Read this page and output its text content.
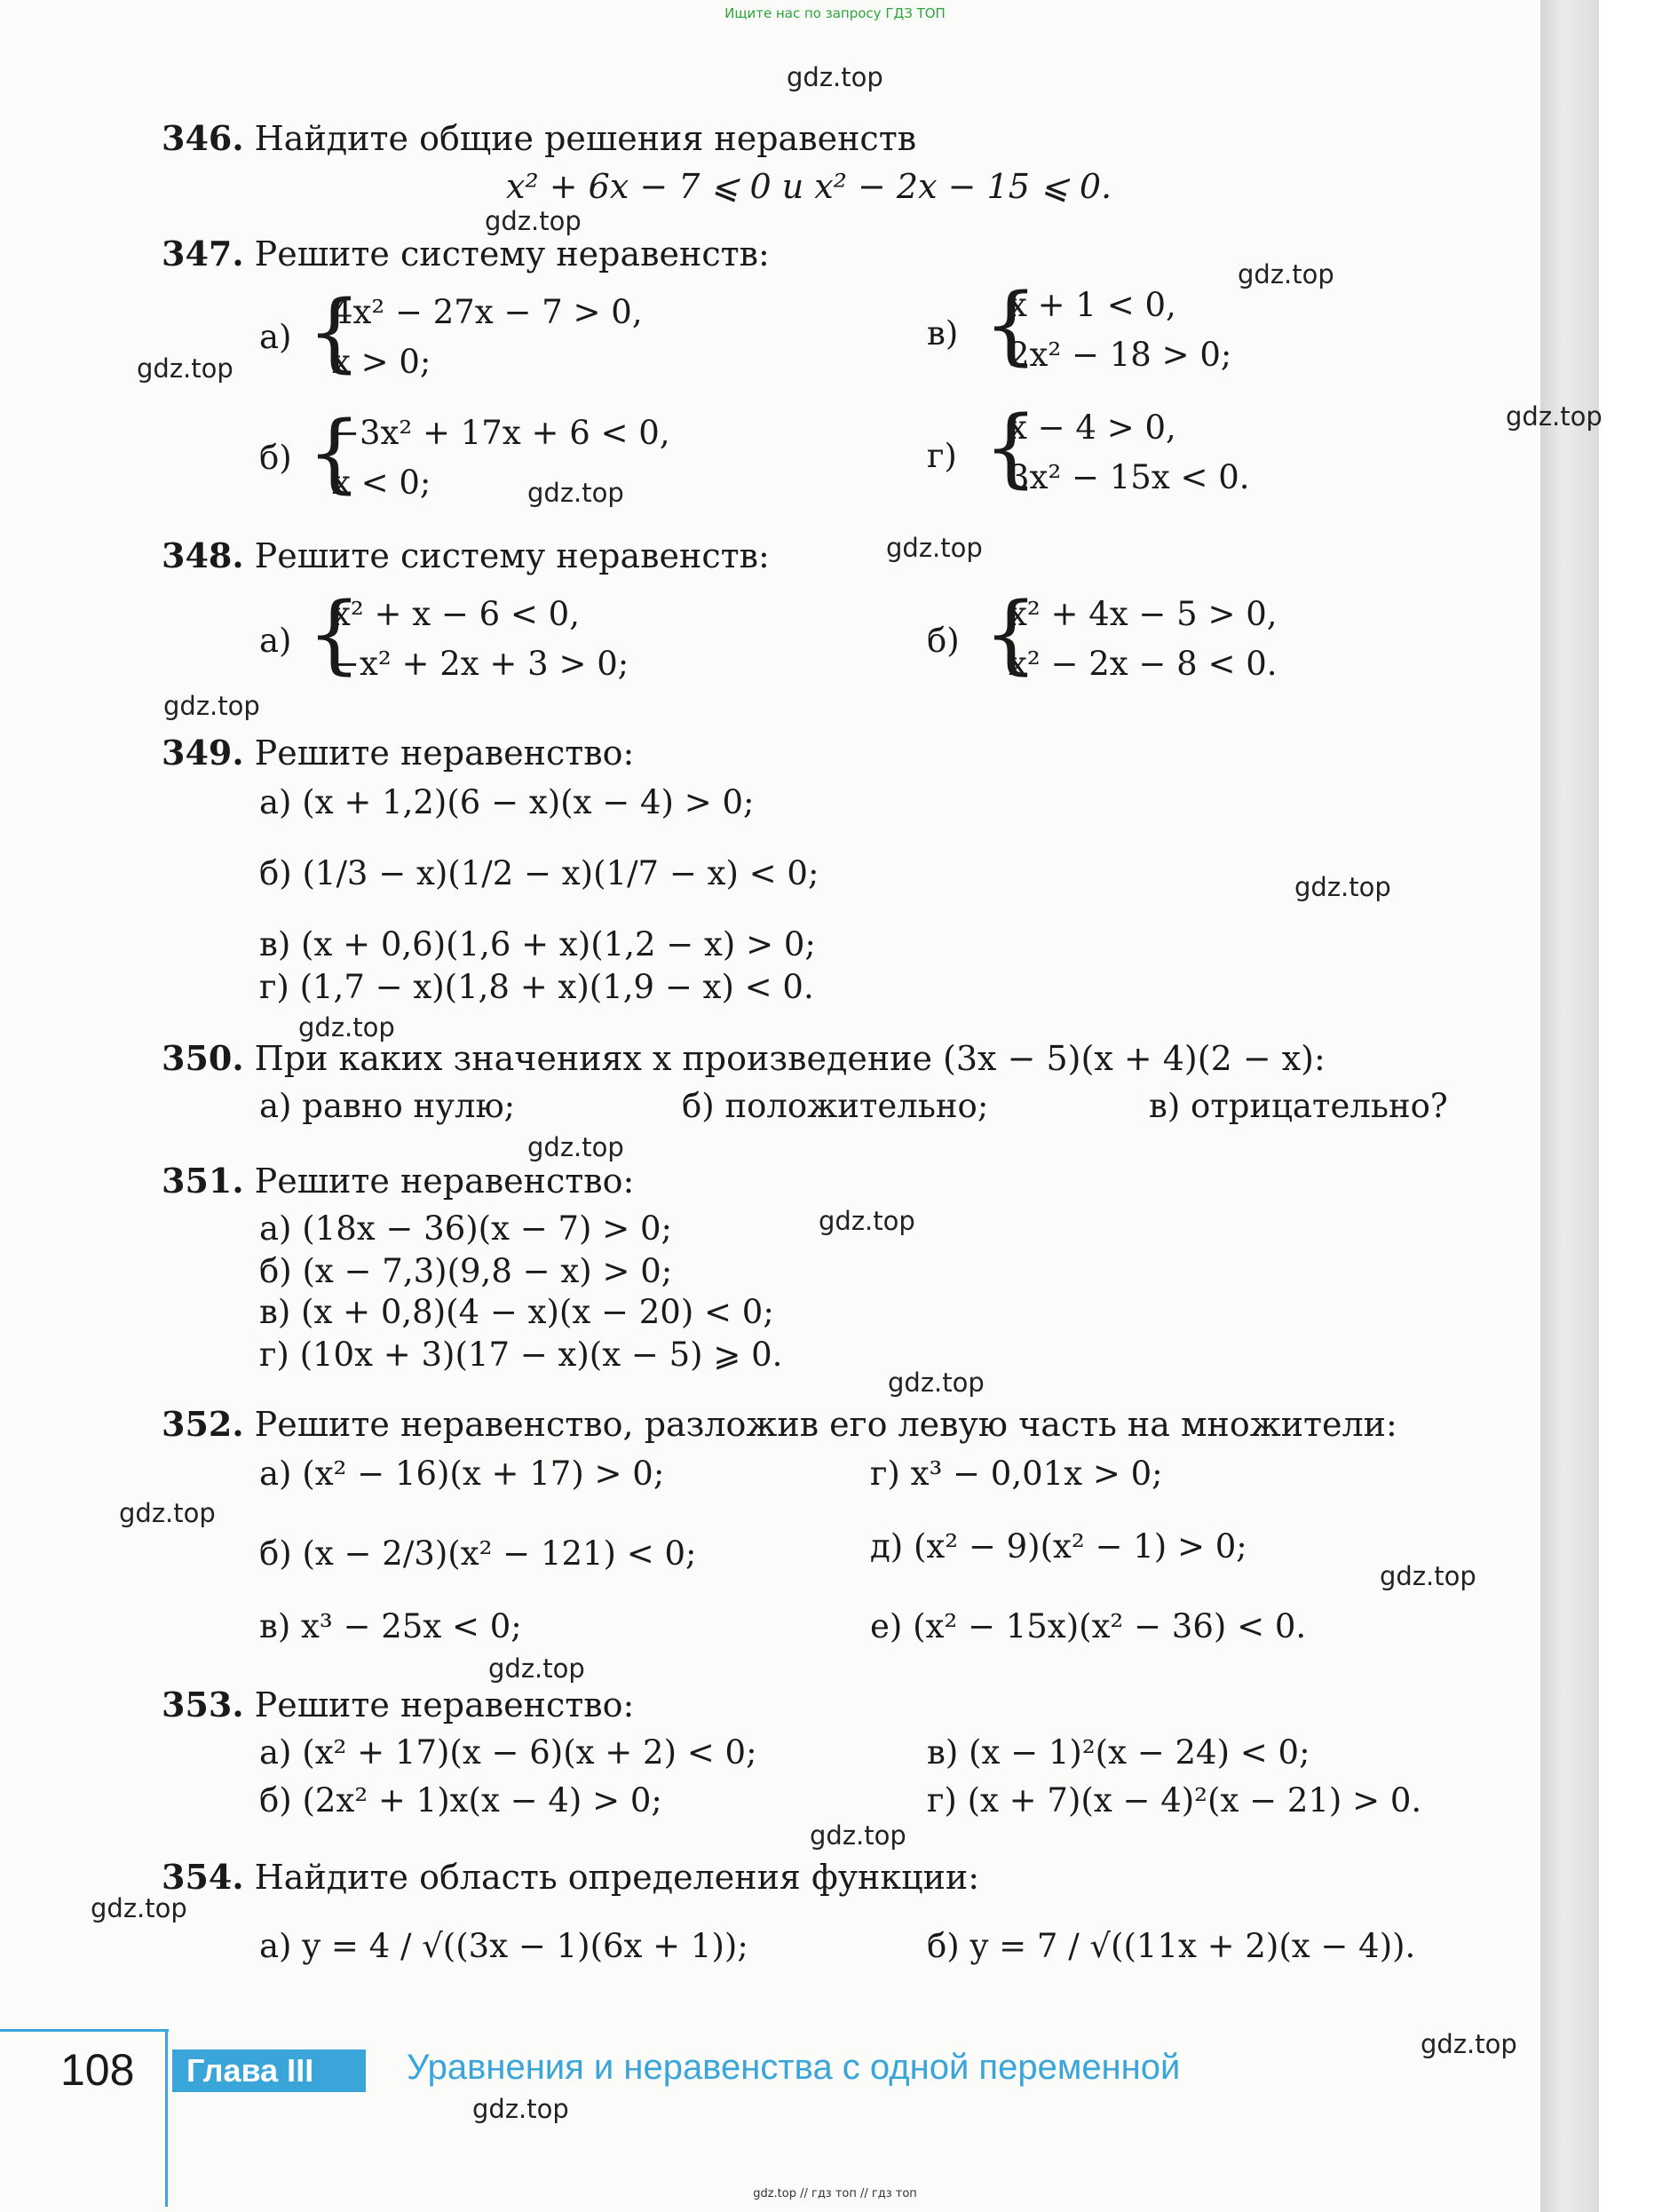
Ищите нас по запросу ГДЗ ТОП
gdz.top
gdz.top
gdz.top
gdz.top
gdz.top
gdz.top
gdz.top
gdz.top
gdz.top
gdz.top
gdz.top
gdz.top
gdz.top
gdz.top
gdz.top
gdz.top
gdz.top
gdz.top
gdz.top
gdz.top
346. Найдите общие решения неравенств
x² + 6x − 7 ⩽ 0 и x² − 2x − 15 ⩽ 0.
347. Решите систему неравенств:
а) {
4x² − 27x − 7 > 0,
x > 0;
в) {
x + 1 < 0,
2x² − 18 > 0;
б) {
−3x² + 17x + 6 < 0,
x < 0;
г) {
x − 4 > 0,
3x² − 15x < 0.
348. Решите систему неравенств:
а) {
x² + x − 6 < 0,
−x² + 2x + 3 > 0;
б) {
x² + 4x − 5 > 0,
x² − 2x − 8 < 0.
349. Решите неравенство:
а) (x + 1,2)(6 − x)(x − 4) > 0;
б) (1/3 − x)(1/2 − x)(1/7 − x) < 0;
в) (x + 0,6)(1,6 + x)(1,2 − x) > 0;
г) (1,7 − x)(1,8 + x)(1,9 − x) < 0.
350. При каких значениях x произведение (3x − 5)(x + 4)(2 − x):
а) равно нулю;	б) положительно;	в) отрицательно?
351. Решите неравенство:
а) (18x − 36)(x − 7) > 0;
б) (x − 7,3)(9,8 − x) > 0;
в) (x + 0,8)(4 − x)(x − 20) < 0;
г) (10x + 3)(17 − x)(x − 5) ⩾ 0.
352. Решите неравенство, разложив его левую часть на множители:
а) (x² − 16)(x + 17) > 0;	г) x³ − 0,01x > 0;
б) (x − 2/3)(x² − 121) < 0;	д) (x² − 9)(x² − 1) > 0;
в) x³ − 25x < 0;	е) (x² − 15x)(x² − 36) < 0.
353. Решите неравенство:
а) (x² + 17)(x − 6)(x + 2) < 0;	в) (x − 1)²(x − 24) < 0;
б) (2x² + 1)x(x − 4) > 0;	г) (x + 7)(x − 4)²(x − 21) > 0.
354. Найдите область определения функции:
а) y = 4 / √((3x − 1)(6x + 1));	б) y = 7 / √((11x + 2)(x − 4)).
108	Глава III	Уравнения и неравенства с одной переменной
gdz.top // гдз топ // гдз топ
